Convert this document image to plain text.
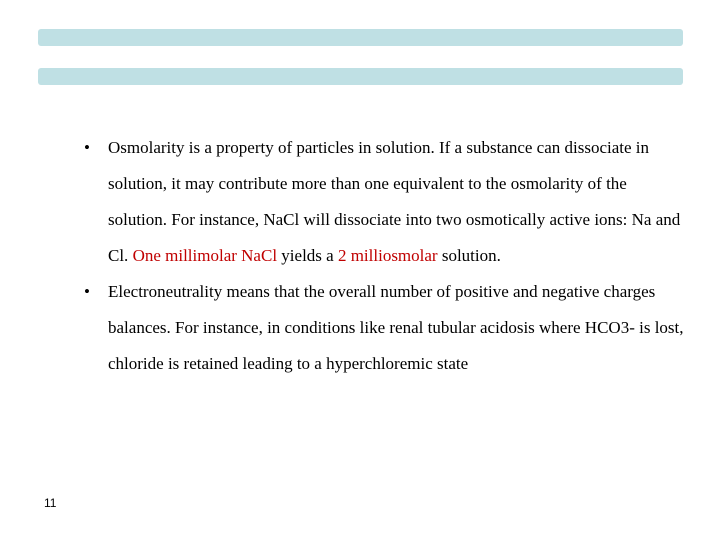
•	Osmolarity is a property of particles in solution. If a substance can dissociate in solution, it may contribute more than one equivalent to the osmolarity of the solution. For instance, NaCl will dissociate into two osmotically active ions: Na and Cl. One millimolar NaCl yields a 2 milliosmolar solution.
•	Electroneutrality means that the overall number of positive and negative charges balances. For instance, in conditions like renal tubular acidosis where HCO3- is lost, chloride is retained leading to a hyperchloremic state
11
